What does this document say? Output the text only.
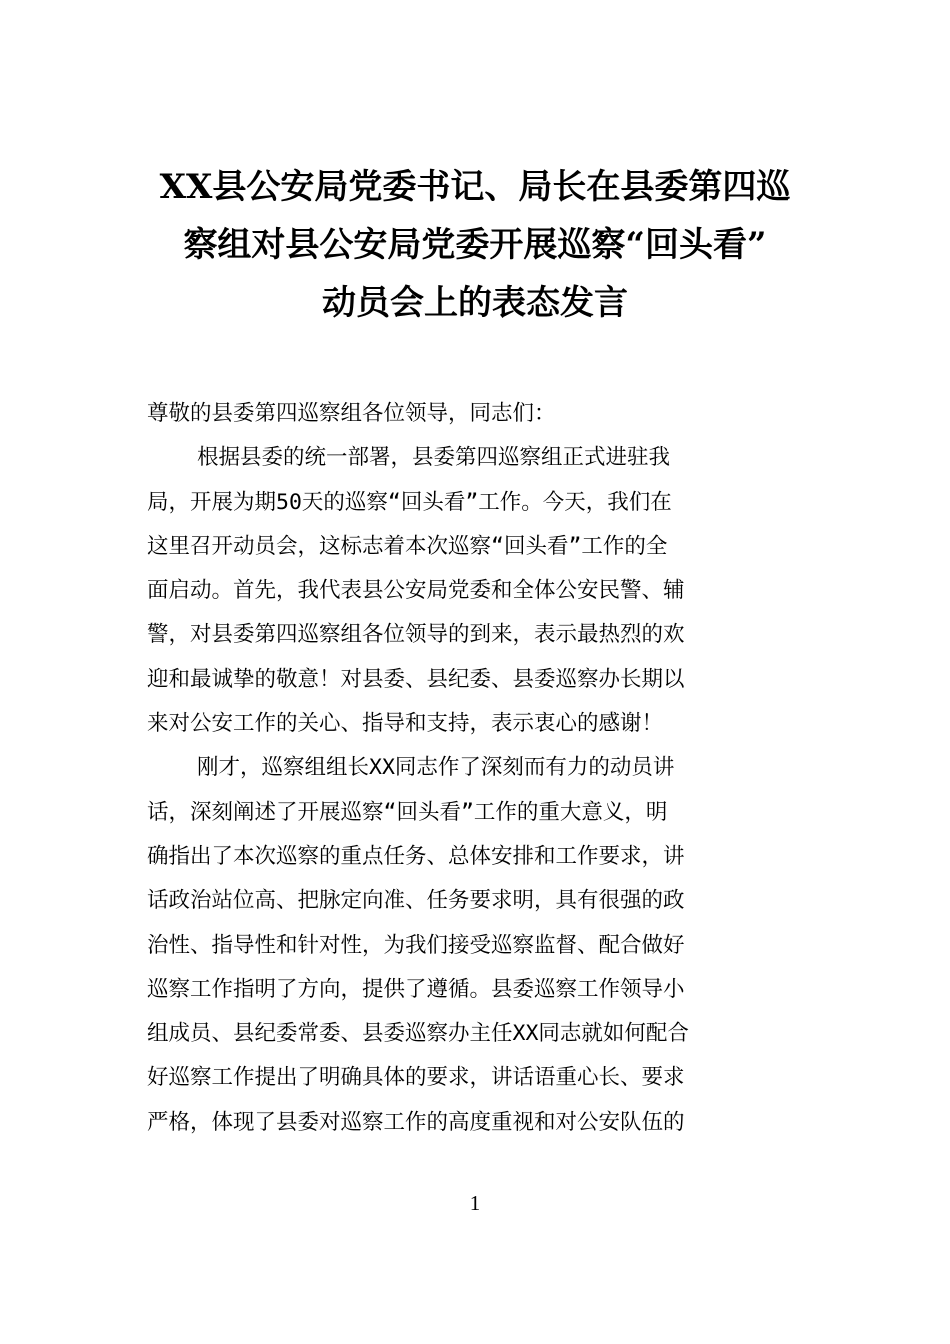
XX县公安局党委书记、局长在县委第四巡
察组对县公安局党委开展巡察“回头看”
动员会上的表态发言
尊敬的县委第四巡察组各位领导，同志们：
根据县委的统一部署，县委第四巡察组正式进驻我
局，开展为期50天的巡察“回头看”工作。今天，我们在
这里召开动员会，这标志着本次巡察“回头看”工作的全
面启动。首先，我代表县公安局党委和全体公安民警、辅
警，对县委第四巡察组各位领导的到来，表示最热烈的欢
迎和最诚挚的敬意！对县委、县纪委、县委巡察办长期以
来对公安工作的关心、指导和支持，表示衷心的感谢！
刚才，巡察组组长XX同志作了深刻而有力的动员讲
话，深刻阐述了开展巡察“回头看”工作的重大意义，明
确指出了本次巡察的重点任务、总体安排和工作要求，讲
话政治站位高、把脉定向准、任务要求明，具有很强的政
治性、指导性和针对性，为我们接受巡察监督、配合做好
巡察工作指明了方向，提供了遵循。县委巡察工作领导小
组成员、县纪委常委、县委巡察办主任XX同志就如何配合
好巡察工作提出了明确具体的要求，讲话语重心长、要求
严格，体现了县委对巡察工作的高度重视和对公安队伍的
1
